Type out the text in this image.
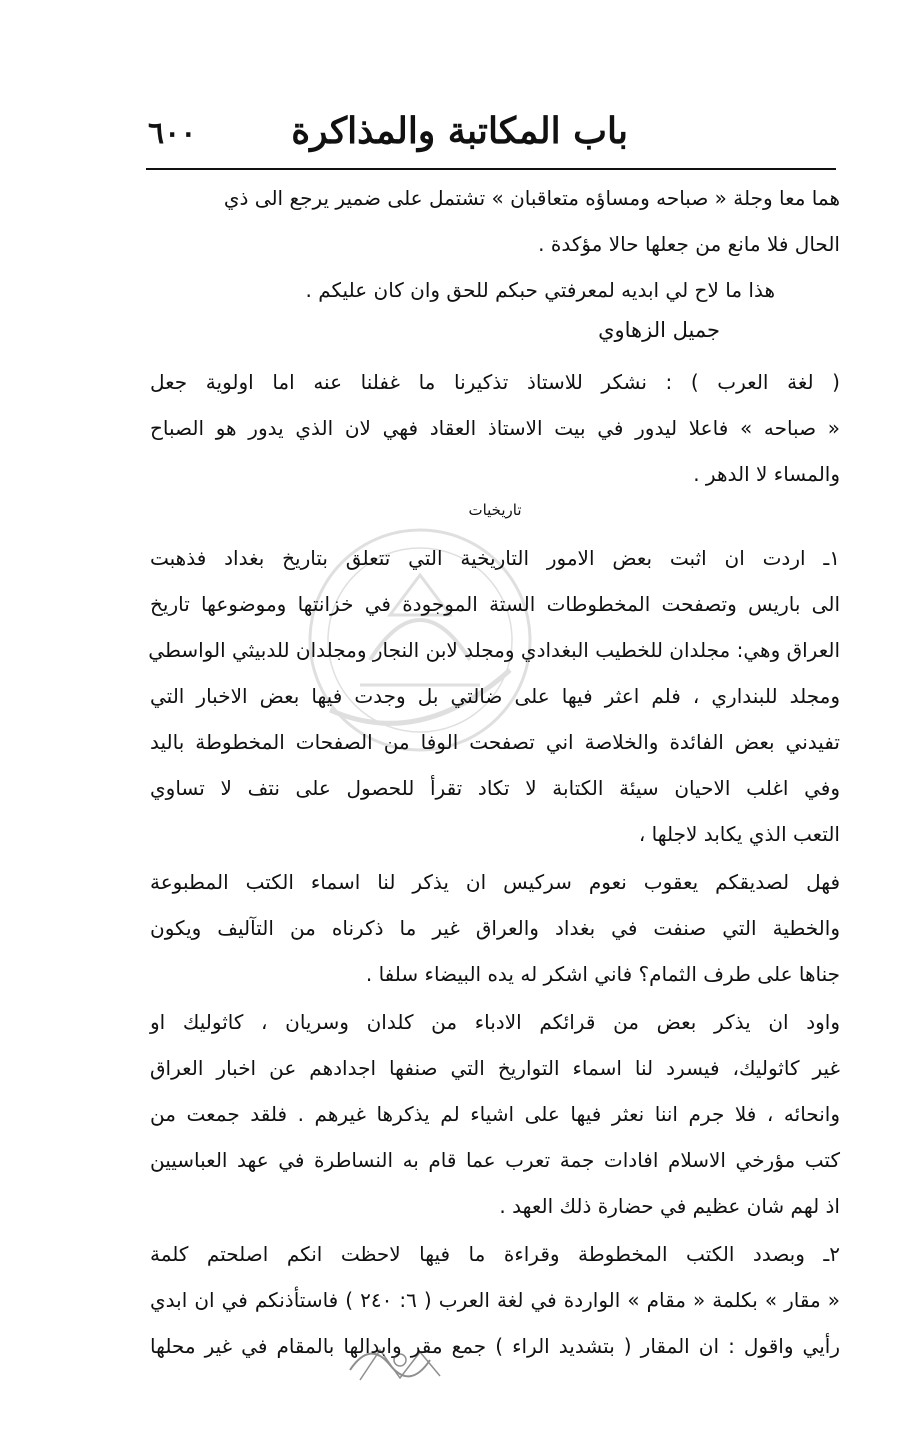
باب المكاتبة والمذاكرة
٦٠٠
هما معا وجلة « صباحه ومساؤه متعاقبان » تشتمل على ضمير يرجع الى ذي
الحال فلا مانع من جعلها حالا مؤكدة .
هذا ما لاح لي ابديه لمعرفتي حبكم للحق وان كان عليكم .
جميل الزهاوي
( لغة العرب ) : نشكر للاستاذ تذكيرنا ما غفلنا عنه اما اولوية جعل
« صباحه » فاعلا ليدور في بيت الاستاذ العقاد فهي لان الذي يدور هو الصباح
والمساء لا الدهر .
تاريخيات
١ـ اردت ان اثبت بعض الامور التاريخية التي تتعلق بتاريخ بغداد فذهبت
الى باريس وتصفحت المخطوطات الستة الموجودة في خزانتها وموضوعها تاريخ
العراق وهي: مجلدان للخطيب البغدادي ومجلد لابن النجار ومجلدان للدبيثي الواسطي
ومجلد للبنداري ، فلم اعثر فيها على ضالتي بل وجدت فيها بعض الاخبار التي
تفيدني بعض الفائدة والخلاصة اني تصفحت الوفا من الصفحات المخطوطة باليد
وفي اغلب الاحيان سيئة الكتابة لا تكاد تقرأ للحصول على نتف لا تساوي
التعب الذي يكابد لاجلها ،
فهل لصديقكم يعقوب نعوم سركيس ان يذكر لنا اسماء الكتب المطبوعة
والخطية التي صنفت في بغداد والعراق غير ما ذكرناه من التآليف ويكون
جناها على طرف الثمام؟ فاني اشكر له يده البيضاء سلفا .
واود ان يذكر بعض من قرائكم الادباء من كلدان وسريان ، كاثوليك او
غير كاثوليك، فيسرد لنا اسماء التواريخ التي صنفها اجدادهم عن اخبار العراق
وانحائه ، فلا جرم اننا نعثر فيها على اشياء لم يذكرها غيرهم . فلقد جمعت من
كتب مؤرخي الاسلام افادات جمة تعرب عما قام به النساطرة في عهد العباسيين
اذ لهم شان عظيم في حضارة ذلك العهد .
٢ـ وبصدد الكتب المخطوطة وقراءة ما فيها لاحظت انكم اصلحتم كلمة
« مقار » بكلمة « مقام » الواردة في لغة العرب ( ٦: ٢٤٠ ) فاستأذنكم في ان ابدي
رأيي واقول : ان المقار ( بتشديد الراء ) جمع مقر وابدالها بالمقام في غير محلها
